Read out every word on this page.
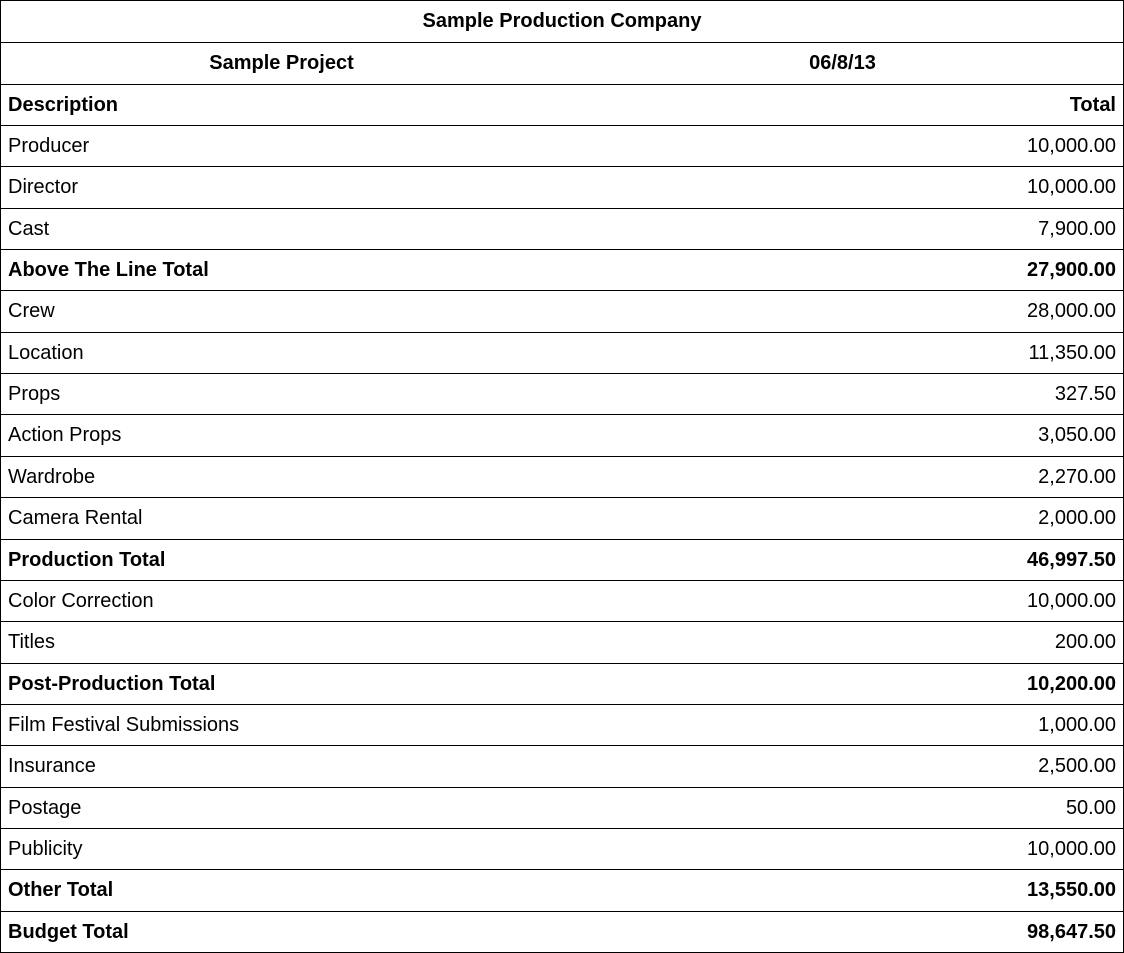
Sample Production Company
Sample Project	06/8/13
Description	Total
Producer	10,000.00
Director	10,000.00
Cast	7,900.00
Above The Line Total	27,900.00
Crew	28,000.00
Location	11,350.00
Props	327.50
Action Props	3,050.00
Wardrobe	2,270.00
Camera Rental	2,000.00
Production Total	46,997.50
Color Correction	10,000.00
Titles	200.00
Post-Production Total	10,200.00
Film Festival Submissions	1,000.00
Insurance	2,500.00
Postage	50.00
Publicity	10,000.00
Other Total	13,550.00
Budget Total	98,647.50
